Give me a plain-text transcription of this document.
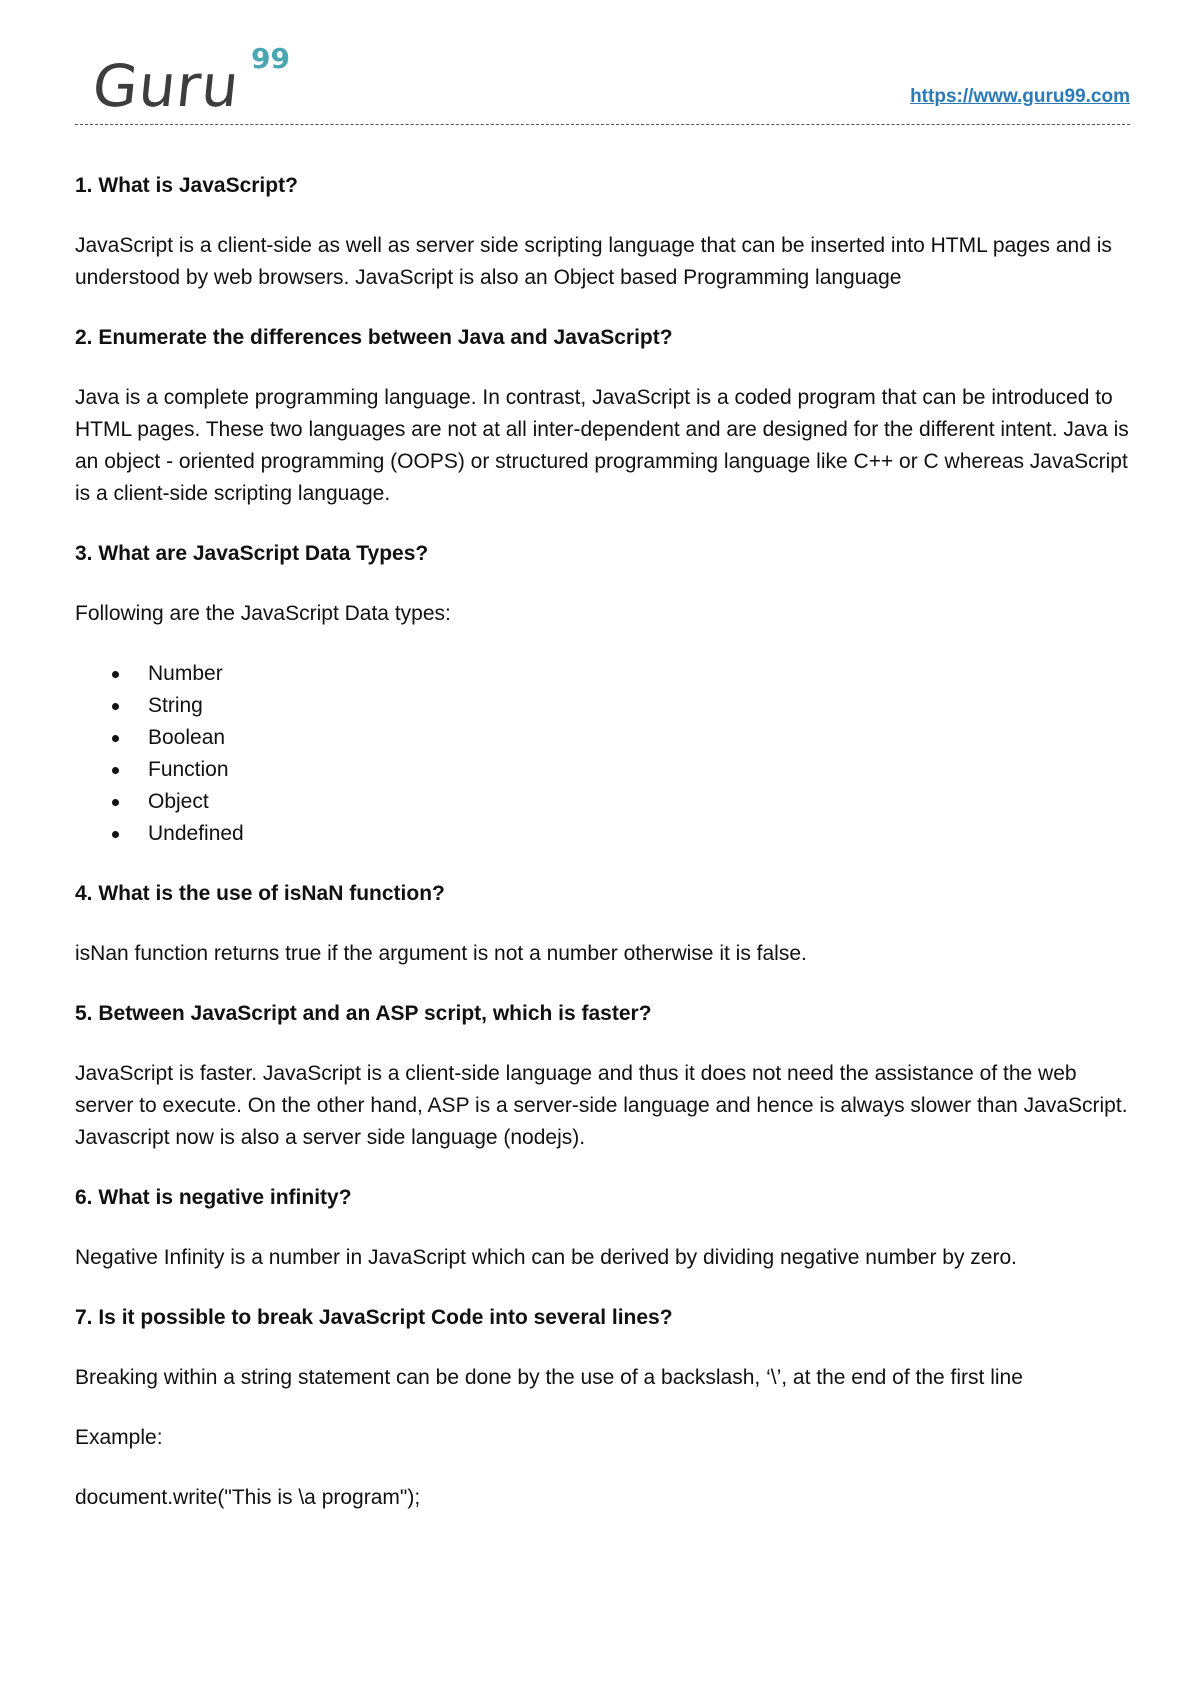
Guru 99
https://www.guru99.com
1. What is JavaScript?
JavaScript is a client-side as well as server side scripting language that can be inserted into HTML pages and is understood by web browsers. JavaScript is also an Object based Programming language
2. Enumerate the differences between Java and JavaScript?
Java is a complete programming language. In contrast, JavaScript is a coded program that can be introduced to HTML pages. These two languages are not at all inter-dependent and are designed for the different intent. Java is an object - oriented programming (OOPS) or structured programming language like C++ or C whereas JavaScript is a client-side scripting language.
3. What are JavaScript Data Types?
Following are the JavaScript Data types:
Number
String
Boolean
Function
Object
Undefined
4. What is the use of isNaN function?
isNan function returns true if the argument is not a number otherwise it is false.
5. Between JavaScript and an ASP script, which is faster?
JavaScript is faster. JavaScript is a client-side language and thus it does not need the assistance of the web server to execute. On the other hand, ASP is a server-side language and hence is always slower than JavaScript. Javascript now is also a server side language (nodejs).
6. What is negative infinity?
Negative Infinity is a number in JavaScript which can be derived by dividing negative number by zero.
7. Is it possible to break JavaScript Code into several lines?
Breaking within a string statement can be done by the use of a backslash, ‘\’, at the end of the first line
Example:
document.write("This is \a program");
